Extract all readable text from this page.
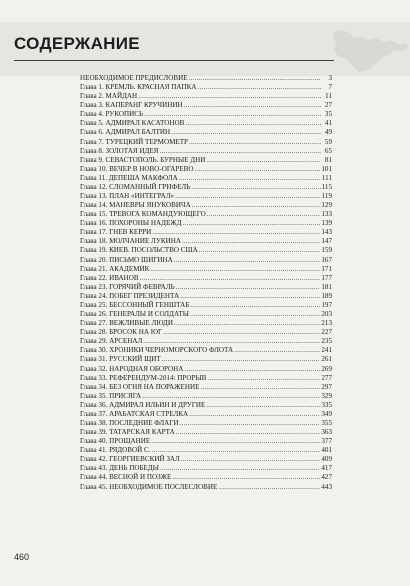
СОДЕРЖАНИЕ
НЕОБХОДИМОЕ ПРЕДИСЛОВИЕ .....	3
Глава 1. КРЕМЛЬ. КРАСНАЯ ПАПКА .....	7
Глава 2. МАЙДАН .....	11
Глава 3. КАПЕРАНГ КРУЧИНИН .....	27
Глава 4. РУКОПИСЬ .....	35
Глава 5. АДМИРАЛ КАСАТОНОВ .....	41
Глава 6. АДМИРАЛ БАЛТИН .....	49
Глава 7. ТУРЕЦКИЙ ТЕРМОМЕТР .....	59
Глава 8. ЗОЛОТАЯ ИДЕЯ .....	65
Глава 9. СЕВАСТОПОЛЬ. БУРНЫЕ ДНИ .....	81
Глава 10. ВЕЧЕР В НОВО-ОГАРЕВО .....	101
Глава 11. ДЕПЕША МАКФОЛА .....	111
Глава 12. СЛОМАННЫЙ ГРИФЕЛЬ .....	115
Глава 13. ПЛАН «ИНТЕГРАЛ» .....	119
Глава 14. МАНЕВРЫ ЯНУКОВИЧА .....	129
Глава 15. ТРЕВОГА КОМАНДУЮЩЕГО .....	133
Глава 16. ПОХОРОНЫ НАДЕЖД .....	139
Глава 17. ГНЕВ КЕРРИ .....	143
Глава 18. МОЛЧАНИЕ ЛУКИНА .....	147
Глава 19. КИЕВ. ПОСОЛЬСТВО США .....	159
Глава 20. ПИСЬМО ШИГИНА .....	167
Глава 21. АКАДЕМИК .....	171
Глава 22. ИВАНОВ .....	177
Глава 23. ГОРЯЧИЙ ФЕВРАЛЬ .....	181
Глава 24. ПОБЕГ ПРЕЗИДЕНТА .....	189
Глава 25. БЕССОННЫЙ ГЕНШТАБ .....	197
Глава 26. ГЕНЕРАЛЫ И СОЛДАТЫ .....	203
Глава 27. ВЕЖЛИВЫЕ ЛЮДИ .....	213
Глава 28. БРОСОК НА ЮГ .....	227
Глава 29. АРСЕНАЛ .....	235
Глава 30. ХРОНИКИ ЧЕРНОМОРСКОГО ФЛОТА .....	241
Глава 31. РУССКИЙ ЩИТ .....	261
Глава 32. НАРОДНАЯ ОБОРОНА .....	269
Глава 33. РЕФЕРЕНДУМ-2014: ПРОРЫВ .....	277
Глава 34. БЕЗ ОГНЯ НА ПОРАЖЕНИЕ .....	297
Глава 35. ПРИСЯГА .....	329
Глава 36. АДМИРАЛ ИЛЬИН И ДРУГИЕ .....	335
Глава 37. АРАБАТСКАЯ СТРЕЛКА .....	349
Глава 38. ПОСЛЕДНИЕ ФЛАГИ .....	355
Глава 39. ТАТАРСКАЯ КАРТА .....	363
Глава 40. ПРОЩАНИЕ .....	377
Глава 41. РЯДОВОЙ С. .....	401
Глава 42. ГЕОРГИЕВСКИЙ ЗАЛ .....	409
Глава 43. ДЕНЬ ПОБЕДЫ .....	417
Глава 44. ВЕСНОЙ И ПОЗЖЕ .....	427
Глава 45. НЕОБХОДИМОЕ ПОСЛЕСЛОВИЕ .....	443
460
